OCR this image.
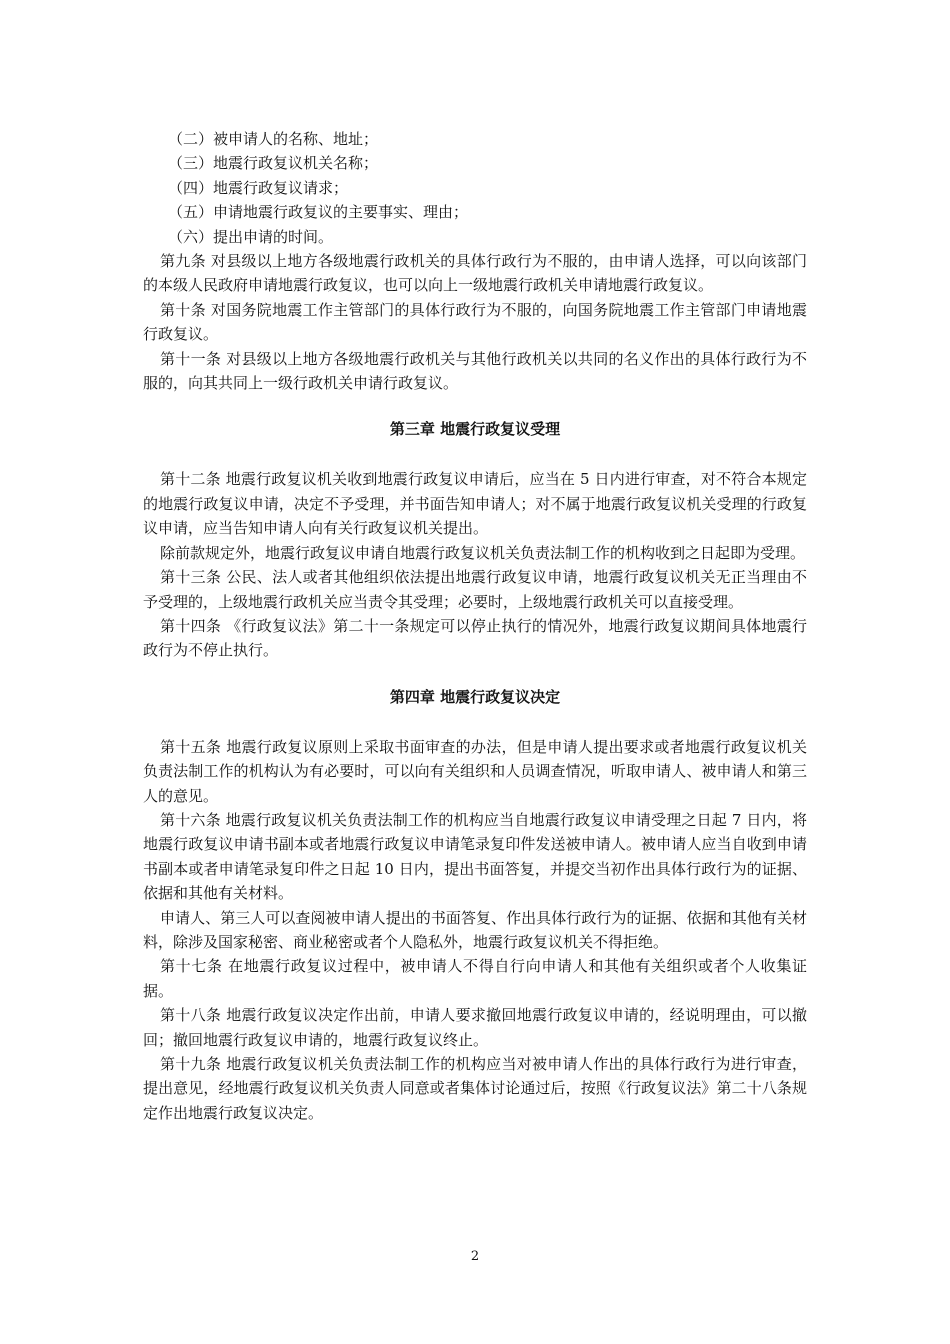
（二）被申请人的名称、地址；

（三）地震行政复议机关名称；

（四）地震行政复议请求；

（五）申请地震行政复议的主要事实、理由；

（六）提出申请的时间。

第九条 对县级以上地方各级地震行政机关的具体行政行为不服的，由申请人选择，可以向该部门的本级人民政府申请地震行政复议，也可以向上一级地震行政机关申请地震行政复议。

第十条 对国务院地震工作主管部门的具体行政行为不服的，向国务院地震工作主管部门申请地震行政复议。

第十一条 对县级以上地方各级地震行政机关与其他行政机关以共同的名义作出的具体行政行为不服的，向其共同上一级行政机关申请行政复议。

第三章 地震行政复议受理

第十二条 地震行政复议机关收到地震行政复议申请后，应当在 5 日内进行审查，对不符合本规定的地震行政复议申请，决定不予受理，并书面告知申请人；对不属于地震行政复议机关受理的行政复议申请，应当告知申请人向有关行政复议机关提出。

除前款规定外，地震行政复议申请自地震行政复议机关负责法制工作的机构收到之日起即为受理。

第十三条 公民、法人或者其他组织依法提出地震行政复议申请，地震行政复议机关无正当理由不予受理的，上级地震行政机关应当责令其受理；必要时，上级地震行政机关可以直接受理。

第十四条 《行政复议法》第二十一条规定可以停止执行的情况外，地震行政复议期间具体地震行政行为不停止执行。

第四章 地震行政复议决定

第十五条 地震行政复议原则上采取书面审查的办法，但是申请人提出要求或者地震行政复议机关负责法制工作的机构认为有必要时，可以向有关组织和人员调查情况，听取申请人、被申请人和第三人的意见。

第十六条 地震行政复议机关负责法制工作的机构应当自地震行政复议申请受理之日起 7 日内，将地震行政复议申请书副本或者地震行政复议申请笔录复印件发送被申请人。被申请人应当自收到申请书副本或者申请笔录复印件之日起 10 日内，提出书面答复，并提交当初作出具体行政行为的证据、依据和其他有关材料。

申请人、第三人可以查阅被申请人提出的书面答复、作出具体行政行为的证据、依据和其他有关材料，除涉及国家秘密、商业秘密或者个人隐私外，地震行政复议机关不得拒绝。

第十七条 在地震行政复议过程中，被申请人不得自行向申请人和其他有关组织或者个人收集证据。

第十八条 地震行政复议决定作出前，申请人要求撤回地震行政复议申请的，经说明理由，可以撤回；撤回地震行政复议申请的，地震行政复议终止。

第十九条 地震行政复议机关负责法制工作的机构应当对被申请人作出的具体行政行为进行审查，提出意见，经地震行政复议机关负责人同意或者集体讨论通过后，按照《行政复议法》第二十八条规定作出地震行政复议决定。

2
